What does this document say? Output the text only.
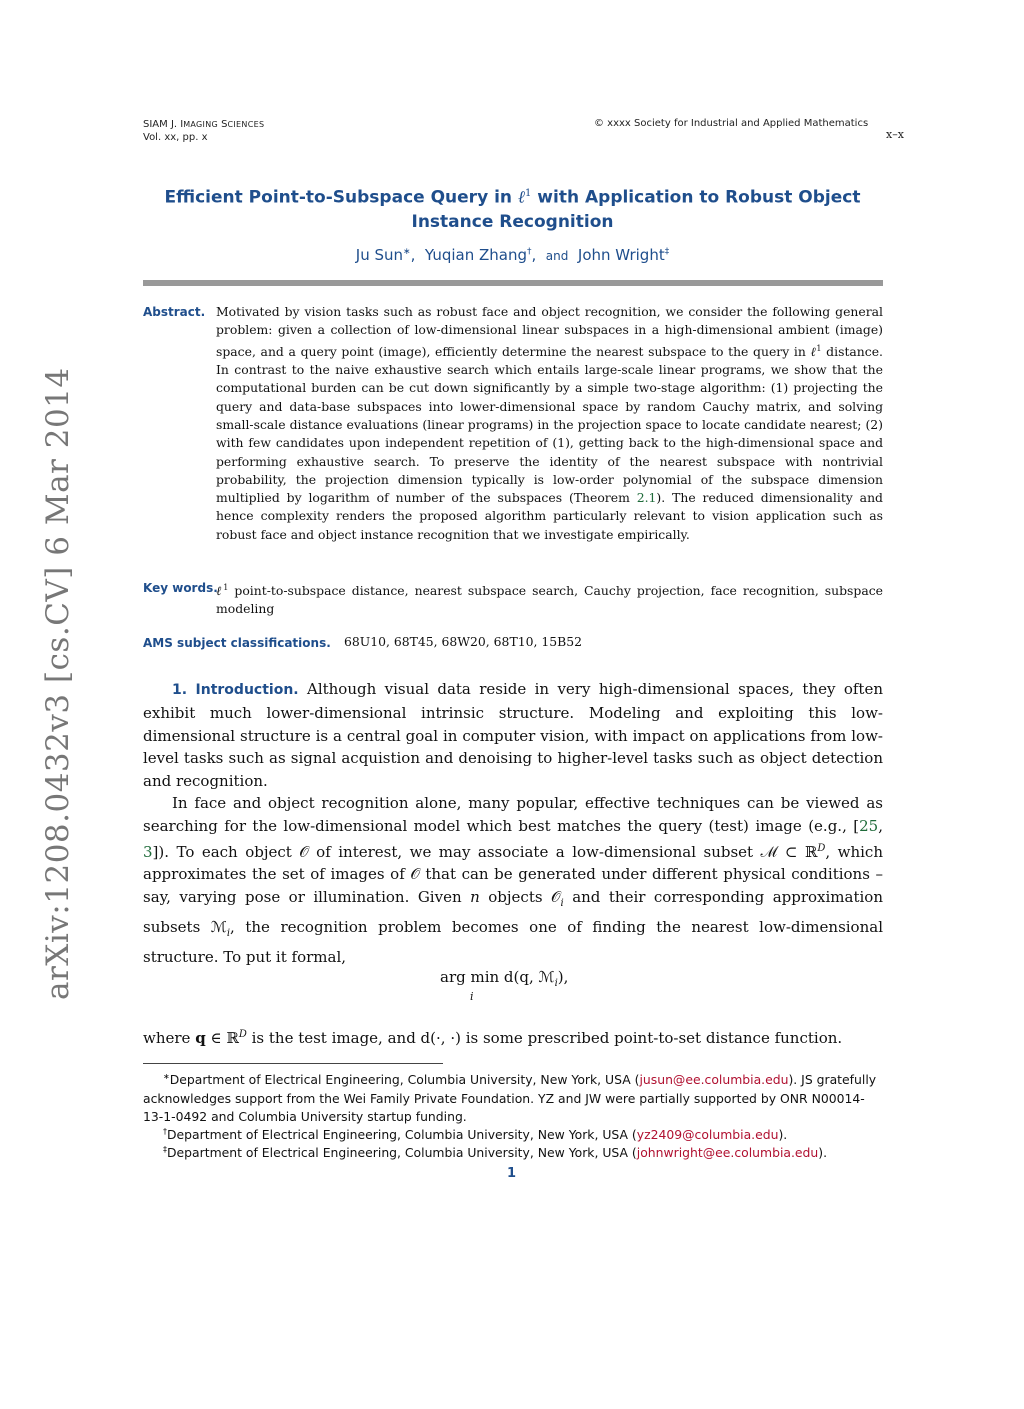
arXiv:1208.0432v3 [cs.CV] 6 Mar 2014
SIAM J. IMAGING SCIENCES
Vol. xx, pp. x
© xxxx Society for Industrial and Applied Mathematics
x–x
Efficient Point-to-Subspace Query in ℓ$^1$ with Application to Robust Object
Instance Recognition
Ju Sun∗,  Yuqian Zhang†,  and John Wright‡
Abstract. Motivated by vision tasks such as robust face and object recognition, we consider the following general problem: given a collection of low-dimensional linear subspaces in a high-dimensional ambient (image) space, and a query point (image), efficiently determine the nearest subspace to the query in ℓ$^1$ distance. In contrast to the naive exhaustive search which entails large-scale linear programs, we show that the computational burden can be cut down significantly by a simple two-stage algorithm: (1) projecting the query and data-base subspaces into lower-dimensional space by random Cauchy matrix, and solving small-scale distance evaluations (linear programs) in the projection space to locate candidate nearest; (2) with few candidates upon independent repetition of (1), getting back to the high-dimensional space and performing exhaustive search. To preserve the identity of the nearest subspace with nontrivial probability, the projection dimension typically is low-order polynomial of the subspace dimension multiplied by logarithm of number of the subspaces (Theorem 2.1). The reduced dimensionality and hence complexity renders the proposed algorithm particularly relevant to vision application such as robust face and object instance recognition that we investigate empirically.
Key words.
ℓ$^1$ point-to-subspace distance, nearest subspace search, Cauchy projection, face recognition, subspace modeling
AMS subject classifications. 68U10, 68T45, 68W20, 68T10, 15B52
1. Introduction. Although visual data reside in very high-dimensional spaces, they often exhibit much lower-dimensional intrinsic structure. Modeling and exploiting this low-dimensional structure is a central goal in computer vision, with impact on applications from low-level tasks such as signal acquistion and denoising to higher-level tasks such as object detection and recognition.
In face and object recognition alone, many popular, effective techniques can be viewed as searching for the low-dimensional model which best matches the query (test) image (e.g., [25, 3]). To each object 𝒪 of interest, we may associate a low-dimensional subset ℳ ⊂ ℝ$^D$, which approximates the set of images of 𝒪 that can be generated under different physical conditions – say, varying pose or illumination. Given n objects 𝒪$_i$ and their corresponding approximation subsets ℳ$_i$, the recognition problem becomes one of finding the nearest low-dimensional structure. To put it formal,
arg min d(q, ℳ$_i$),
i
where q ∈ ℝ$^D$ is the test image, and d(·, ·) is some prescribed point-to-set distance function.
∗Department of Electrical Engineering, Columbia University, New York, USA (jusun@ee.columbia.edu). JS gratefully acknowledges support from the Wei Family Private Foundation. YZ and JW were partially supported by ONR N00014-13-1-0492 and Columbia University startup funding.
†Department of Electrical Engineering, Columbia University, New York, USA (yz2409@columbia.edu).
‡Department of Electrical Engineering, Columbia University, New York, USA (johnwright@ee.columbia.edu).
1
